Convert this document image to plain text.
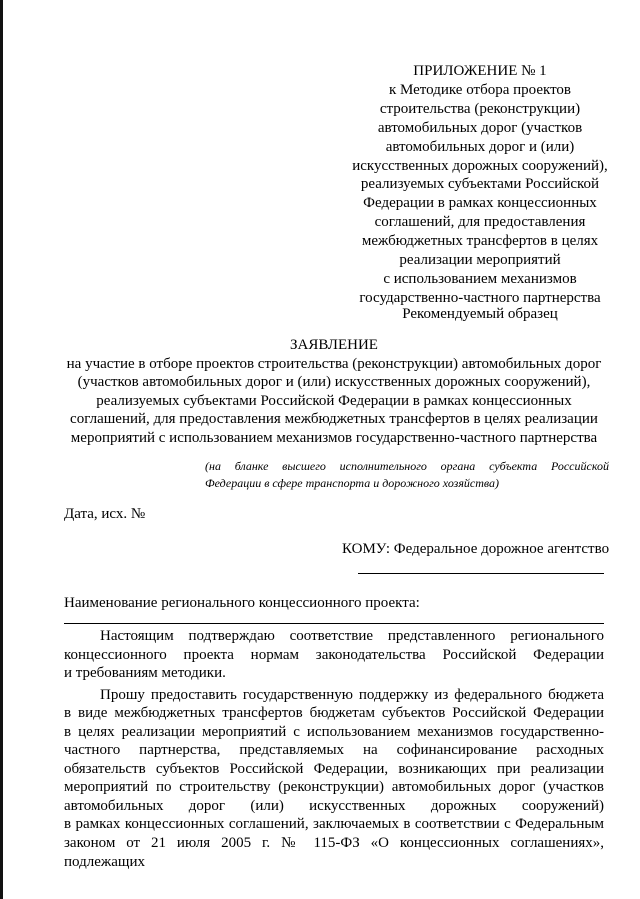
ПРИЛОЖЕНИЕ № 1
к Методике отбора проектов
строительства (реконструкции)
автомобильных дорог (участков
автомобильных дорог и (или)
искусственных дорожных сооружений),
реализуемых субъектами Российской
Федерации в рамках концессионных
соглашений, для предоставления
межбюджетных трансфертов в целях
реализации мероприятий
с использованием механизмов
государственно-частного партнерства
Рекомендуемый образец
ЗАЯВЛЕНИЕ
на участие в отборе проектов строительства (реконструкции) автомобильных дорог
(участков автомобильных дорог и (или) искусственных дорожных сооружений),
реализуемых субъектами Российской Федерации в рамках концессионных
соглашений, для предоставления межбюджетных трансфертов в целях реализации
мероприятий с использованием механизмов государственно-частного партнерства
(на бланке высшего исполнительного органа субъекта Российской
Федерации в сфере транспорта и дорожного хозяйства)
Дата, исх. №
КОМУ: Федеральное дорожное агентство
Наименование регионального концессионного проекта:
Настоящим подтверждаю соответствие представленного регионального
концессионного проекта нормам законодательства Российской Федерации
и требованиям методики.
Прошу предоставить государственную поддержку из федерального бюджета
в виде межбюджетных трансфертов бюджетам субъектов Российской Федерации
в целях реализации мероприятий с использованием механизмов государственно-
частного партнерства, представляемых на софинансирование расходных
обязательств субъектов Российской Федерации, возникающих при реализации
мероприятий по строительству (реконструкции) автомобильных дорог (участков
автомобильных дорог (или) искусственных дорожных сооружений)
в рамках концессионных соглашений, заключаемых в соответствии с Федеральным
законом от 21 июля 2005 г. № 115-ФЗ «О концессионных соглашениях», подлежащих
